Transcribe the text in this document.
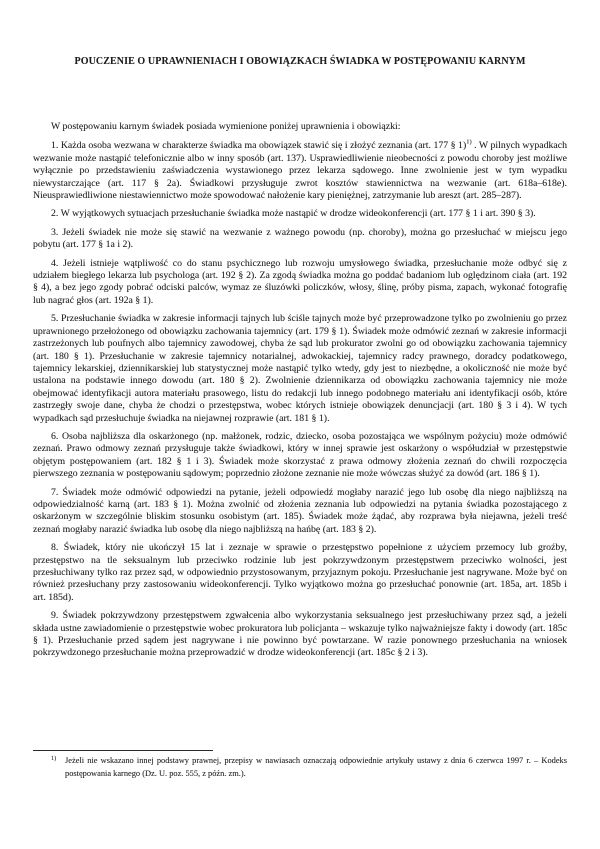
POUCZENIE O UPRAWNIENIACH I OBOWIĄZKACH ŚWIADKA W POSTĘPOWANIU KARNYM

W postępowaniu karnym świadek posiada wymienione poniżej uprawnienia i obowiązki:

1. Każda osoba wezwana w charakterze świadka ma obowiązek stawić się i złożyć zeznania (art. 177 § 1)$^{1)}$ . W pilnych wypadkach wezwanie może nastąpić telefonicznie albo w inny sposób (art. 137). Usprawiedliwienie nieobecności z powodu choroby jest możliwe wyłącznie po przedstawieniu zaświadczenia wystawionego przez lekarza sądowego. Inne zwolnienie jest w tym wypadku niewystarczające (art. 117 § 2a). Świadkowi przysługuje zwrot kosztów stawiennictwa na wezwanie (art. 618a–618e). Nieusprawiedliwione niestawiennictwo może spowodować nałożenie kary pieniężnej, zatrzymanie lub areszt (art. 285–287).

2. W wyjątkowych sytuacjach przesłuchanie świadka może nastąpić w drodze wideokonferencji (art. 177 § 1 i art. 390 § 3).

3. Jeżeli świadek nie może się stawić na wezwanie z ważnego powodu (np. choroby), można go przesłuchać w miejscu jego pobytu (art. 177 § 1a i 2).

4. Jeżeli istnieje wątpliwość co do stanu psychicznego lub rozwoju umysłowego świadka, przesłuchanie może odbyć się z udziałem biegłego lekarza lub psychologa (art. 192 § 2). Za zgodą świadka można go poddać badaniom lub oględzinom ciała (art. 192 § 4), a bez jego zgody pobrać odciski palców, wymaz ze śluzówki policzków, włosy, ślinę, próby pisma, zapach, wykonać fotografię lub nagrać głos (art. 192a § 1).

5. Przesłuchanie świadka w zakresie informacji tajnych lub ściśle tajnych może być przeprowadzone tylko po zwolnieniu go przez uprawnionego przełożonego od obowiązku zachowania tajemnicy (art. 179 § 1). Świadek może odmówić zeznań w zakresie informacji zastrzeżonych lub poufnych albo tajemnicy zawodowej, chyba że sąd lub prokurator zwolni go od obowiązku zachowania tajemnicy (art. 180 § 1). Przesłuchanie w zakresie tajemnicy notarialnej, adwokackiej, tajemnicy radcy prawnego, doradcy podatkowego, tajemnicy lekarskiej, dziennikarskiej lub statystycznej może nastąpić tylko wtedy, gdy jest to niezbędne, a okoliczność nie może być ustalona na podstawie innego dowodu (art. 180 § 2). Zwolnienie dziennikarza od obowiązku zachowania tajemnicy nie może obejmować identyfikacji autora materiału prasowego, listu do redakcji lub innego podobnego materiału ani identyfikacji osób, które zastrzegły swoje dane, chyba że chodzi o przestępstwa, wobec których istnieje obowiązek denuncjacji (art. 180 § 3 i 4). W tych wypadkach sąd przesłuchuje świadka na niejawnej rozprawie (art. 181 § 1).

6. Osoba najbliższa dla oskarżonego (np. małżonek, rodzic, dziecko, osoba pozostająca we wspólnym pożyciu) może odmówić zeznań. Prawo odmowy zeznań przysługuje także świadkowi, który w innej sprawie jest oskarżony o współudział w przestępstwie objętym postępowaniem (art. 182 § 1 i 3). Świadek może skorzystać z prawa odmowy złożenia zeznań do chwili rozpoczęcia pierwszego zeznania w postępowaniu sądowym; poprzednio złożone zeznanie nie może wówczas służyć za dowód (art. 186 § 1).

7. Świadek może odmówić odpowiedzi na pytanie, jeżeli odpowiedź mogłaby narazić jego lub osobę dla niego najbliższą na odpowiedzialność karną (art. 183 § 1). Można zwolnić od złożenia zeznania lub odpowiedzi na pytania świadka pozostającego z oskarżonym w szczególnie bliskim stosunku osobistym (art. 185). Świadek może żądać, aby rozprawa była niejawna, jeżeli treść zeznań mogłaby narazić świadka lub osobę dla niego najbliższą na hańbę (art. 183 § 2).

8. Świadek, który nie ukończył 15 lat i zeznaje w sprawie o przestępstwo popełnione z użyciem przemocy lub groźby, przestępstwo na tle seksualnym lub przeciwko rodzinie lub jest pokrzywdzonym przestępstwem przeciwko wolności, jest przesłuchiwany tylko raz przez sąd, w odpowiednio przystosowanym, przyjaznym pokoju. Przesłuchanie jest nagrywane. Może być on również przesłuchany przy zastosowaniu wideokonferencji. Tylko wyjątkowo można go przesłuchać ponownie (art. 185a, art. 185b i art. 185d).

9. Świadek pokrzywdzony przestępstwem zgwałcenia albo wykorzystania seksualnego jest przesłuchiwany przez sąd, a jeżeli składa ustne zawiadomienie o przestępstwie wobec prokuratora lub policjanta – wskazuje tylko najważniejsze fakty i dowody (art. 185c § 1). Przesłuchanie przed sądem jest nagrywane i nie powinno być powtarzane. W razie ponownego przesłuchania na wniosek pokrzywdzonego przesłuchanie można przeprowadzić w drodze wideokonferencji (art. 185c § 2 i 3).

1)	Jeżeli nie wskazano innej podstawy prawnej, przepisy w nawiasach oznaczają odpowiednie artykuły ustawy z dnia 6 czerwca 1997 r. – Kodeks postępowania karnego (Dz. U. poz. 555, z późn. zm.).
